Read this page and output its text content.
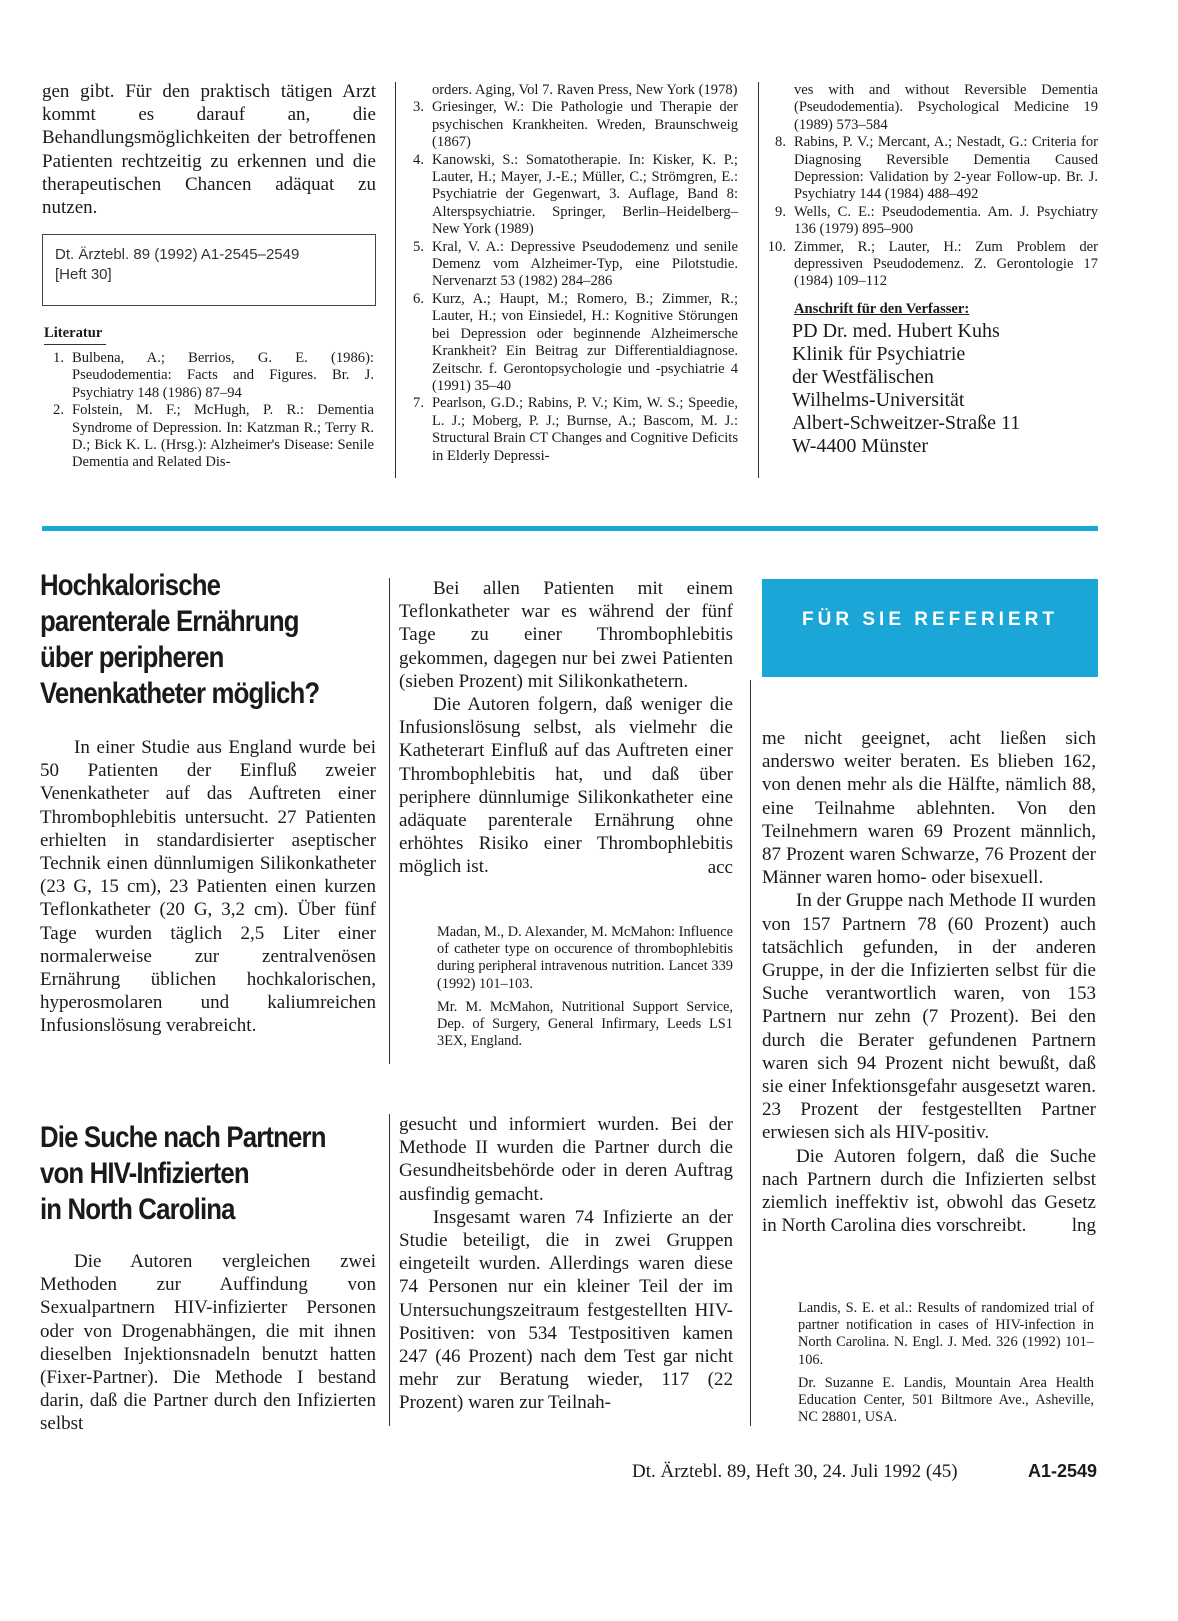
gen gibt. Für den praktisch tätigen Arzt kommt es darauf an, die Behandlungsmöglichkeiten der betroffenen Patienten rechtzeitig zu erkennen und die therapeutischen Chancen adäquat zu nutzen.

Dt. Ärztebl. 89 (1992) A1-2545–2549
[Heft 30]
Literatur
1. Bulbena, A.; Berrios, G. E. (1986): Pseudodementia: Facts and Figures. Br. J. Psychiatry 148 (1986) 87–94
2. Folstein, M. F.; McHugh, P. R.: Dementia Syndrome of Depression. In: Katzman R.; Terry R. D.; Bick K. L. (Hrsg.): Alzheimer's Disease: Senile Dementia and Related Dis-
orders. Aging, Vol 7. Raven Press, New York (1978)
3. Griesinger, W.: Die Pathologie und Therapie der psychischen Krankheiten. Wreden, Braunschweig (1867)
4. Kanowski, S.: Somatotherapie. In: Kisker, K. P.; Lauter, H.; Mayer, J.-E.; Müller, C.; Strömgren, E.: Psychiatrie der Gegenwart, 3. Auflage, Band 8: Alterspsychiatrie. Springer, Berlin–Heidelberg–New York (1989)
5. Kral, V. A.: Depressive Pseudodemenz und senile Demenz vom Alzheimer-Typ, eine Pilotstudie. Nervenarzt 53 (1982) 284–286
6. Kurz, A.; Haupt, M.; Romero, B.; Zimmer, R.; Lauter, H.; von Einsiedel, H.: Kognitive Störungen bei Depression oder beginnende Alzheimersche Krankheit? Ein Beitrag zur Differentialdiagnose. Zeitschr. f. Gerontopsychologie und -psychiatrie 4 (1991) 35–40
7. Pearlson, G.D.; Rabins, P. V.; Kim, W. S.; Speedie, L. J.; Moberg, P. J.; Burnse, A.; Bascom, M. J.: Structural Brain CT Changes and Cognitive Deficits in Elderly Depressi-
ves with and without Reversible Dementia (Pseudodementia). Psychological Medicine 19 (1989) 573–584
8. Rabins, P. V.; Mercant, A.; Nestadt, G.: Criteria for Diagnosing Reversible Dementia Caused Depression: Validation by 2-year Follow-up. Br. J. Psychiatry 144 (1984) 488–492
9. Wells, C. E.: Pseudodementia. Am. J. Psychiatry 136 (1979) 895–900
10. Zimmer, R.; Lauter, H.: Zum Problem der depressiven Pseudodemenz. Z. Gerontologie 17 (1984) 109–112
Anschrift für den Verfasser:
PD Dr. med. Hubert Kuhs
Klinik für Psychiatrie
der Westfälischen
Wilhelms-Universität
Albert-Schweitzer-Straße 11
W-4400 Münster
Hochkalorische
parenterale Ernährung
über peripheren
Venenkatheter möglich?

In einer Studie aus England wurde bei 50 Patienten der Einfluß zweier Venenkatheter auf das Auftreten einer Thrombophlebitis untersucht. 27 Patienten erhielten in standardisierter aseptischer Technik einen dünnlumigen Silikonkatheter (23 G, 15 cm), 23 Patienten einen kurzen Teflonkatheter (20 G, 3,2 cm). Über fünf Tage wurden täglich 2,5 Liter einer normalerweise zur zentralvenösen Ernährung üblichen hochkalorischen, hyperosmolaren und kaliumreichen Infusionslösung verabreicht.

Bei allen Patienten mit einem Teflonkatheter war es während der fünf Tage zu einer Thrombophlebitis gekommen, dagegen nur bei zwei Patienten (sieben Prozent) mit Silikonkathetern.

Die Autoren folgern, daß weniger die Infusionslösung selbst, als vielmehr die Katheterart Einfluß auf das Auftreten einer Thrombophlebitis hat, und daß über periphere dünnlumige Silikonkatheter eine adäquate parenterale Ernährung ohne erhöhtes Risiko einer Thrombophlebitis möglich ist.	acc

Madan, M., D. Alexander, M. McMahon: Influence of catheter type on occurence of thrombophlebitis during peripheral intravenous nutrition. Lancet 339 (1992) 101–103.

Mr. M. McMahon, Nutritional Support Service, Dep. of Surgery, General Infirmary, Leeds LS1 3EX, England.

FÜR SIE REFERIERT
Die Suche nach Partnern
von HIV-Infizierten
in North Carolina

Die Autoren vergleichen zwei Methoden zur Auffindung von Sexualpartnern HIV-infizierter Personen oder von Drogenabhängen, die mit ihnen dieselben Injektionsnadeln benutzt hatten (Fixer-Partner). Die Methode I bestand darin, daß die Partner durch den Infizierten selbst

gesucht und informiert wurden. Bei der Methode II wurden die Partner durch die Gesundheitsbehörde oder in deren Auftrag ausfindig gemacht.

Insgesamt waren 74 Infizierte an der Studie beteiligt, die in zwei Gruppen eingeteilt wurden. Allerdings waren diese 74 Personen nur ein kleiner Teil der im Untersuchungszeitraum festgestellten HIV-Positiven: von 534 Testpositiven kamen 247 (46 Prozent) nach dem Test gar nicht mehr zur Beratung wieder, 117 (22 Prozent) waren zur Teilnah-

me nicht geeignet, acht ließen sich anderswo weiter beraten. Es blieben 162, von denen mehr als die Hälfte, nämlich 88, eine Teilnahme ablehnten. Von den Teilnehmern waren 69 Prozent männlich, 87 Prozent waren Schwarze, 76 Prozent der Männer waren homo- oder bisexuell.

In der Gruppe nach Methode II wurden von 157 Partnern 78 (60 Prozent) auch tatsächlich gefunden, in der anderen Gruppe, in der die Infizierten selbst für die Suche verantwortlich waren, von 153 Partnern nur zehn (7 Prozent). Bei den durch die Berater gefundenen Partnern waren sich 94 Prozent nicht bewußt, daß sie einer Infektionsgefahr ausgesetzt waren. 23 Prozent der festgestellten Partner erwiesen sich als HIV-positiv.

Die Autoren folgern, daß die Suche nach Partnern durch die Infizierten selbst ziemlich ineffektiv ist, obwohl das Gesetz in North Carolina dies vorschreibt.	lng

Landis, S. E. et al.: Results of randomized trial of partner notification in cases of HIV-infection in North Carolina. N. Engl. J. Med. 326 (1992) 101–106.

Dr. Suzanne E. Landis, Mountain Area Health Education Center, 501 Biltmore Ave., Asheville, NC 28801, USA.

Dt. Ärztebl. 89, Heft 30, 24. Juli 1992 (45)	A1-2549
